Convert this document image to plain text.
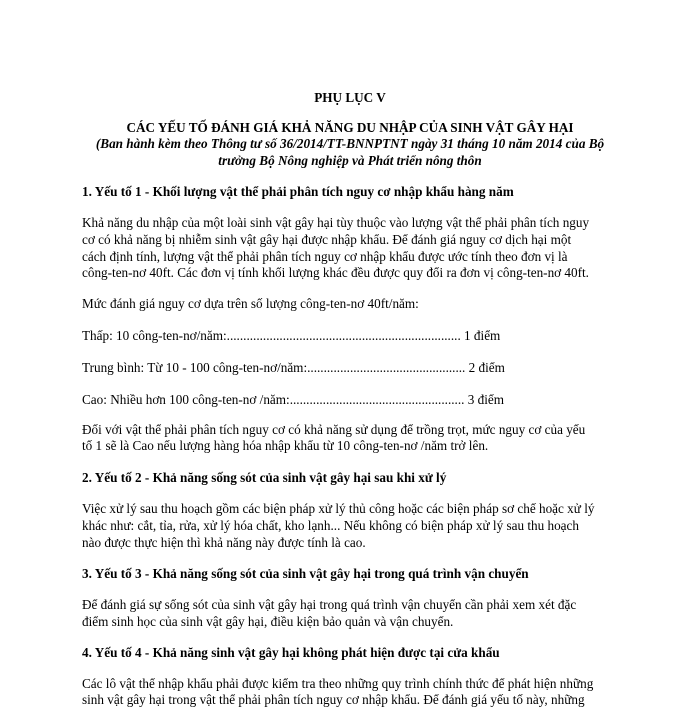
PHỤ LỤC V
CÁC YẾU TỐ ĐÁNH GIÁ KHẢ NĂNG DU NHẬP CỦA SINH VẬT GÂY HẠI
(Ban hành kèm theo Thông tư số 36/2014/TT-BNNPTNT ngày 31 tháng 10 năm 2014 của Bộ
trưởng Bộ Nông nghiệp và Phát triển nông thôn
1. Yếu tố 1 - Khối lượng vật thể phải phân tích nguy cơ nhập khẩu hàng năm
Khả năng du nhập của một loài sinh vật gây hại tùy thuộc vào lượng vật thể phải phân tích nguy
cơ có khả năng bị nhiễm sinh vật gây hại được nhập khẩu. Để đánh giá nguy cơ dịch hại một
cách định tính, lượng vật thể phải phân tích nguy cơ nhập khẩu được ước tính theo đơn vị là
công-ten-nơ 40ft. Các đơn vị tính khối lượng khác đều được quy đổi ra đơn vị công-ten-nơ 40ft.
Mức đánh giá nguy cơ dựa trên số lượng công-ten-nơ 40ft/năm:
Thấp: 10 công-ten-nơ/năm:....................................................................... 1 điểm
Trung bình: Từ 10 - 100 công-ten-nơ/năm:................................................ 2 điểm
Cao: Nhiều hơn 100 công-ten-nơ /năm:..................................................... 3 điểm
Đối với vật thể phải phân tích nguy cơ có khả năng sử dụng để trồng trọt, mức nguy cơ của yếu
tố 1 sẽ là Cao nếu lượng hàng hóa nhập khẩu từ 10 công-ten-nơ /năm trở lên.
2. Yếu tố 2 - Khả năng sống sót của sinh vật gây hại sau khi xử lý
Việc xử lý sau thu hoạch gồm các biện pháp xử lý thủ công hoặc các biện pháp sơ chế hoặc xử lý
khác như: cắt, tỉa, rửa, xử lý hóa chất, kho lạnh... Nếu không có biện pháp xử lý sau thu hoạch
nào được thực hiện thì khả năng này được tính là cao.
3. Yếu tố 3 - Khả năng sống sót của sinh vật gây hại trong quá trình vận chuyển
Để đánh giá sự sống sót của sinh vật gây hại trong quá trình vận chuyển cần phải xem xét đặc
điểm sinh học của sinh vật gây hại, điều kiện bảo quản và vận chuyển.
4. Yếu tố 4 - Khả năng sinh vật gây hại không phát hiện được tại cửa khẩu
Các lô vật thể nhập khẩu phải được kiểm tra theo những quy trình chính thức để phát hiện những
sinh vật gây hại trong vật thể phải phân tích nguy cơ nhập khẩu. Để đánh giá yếu tố này, những
